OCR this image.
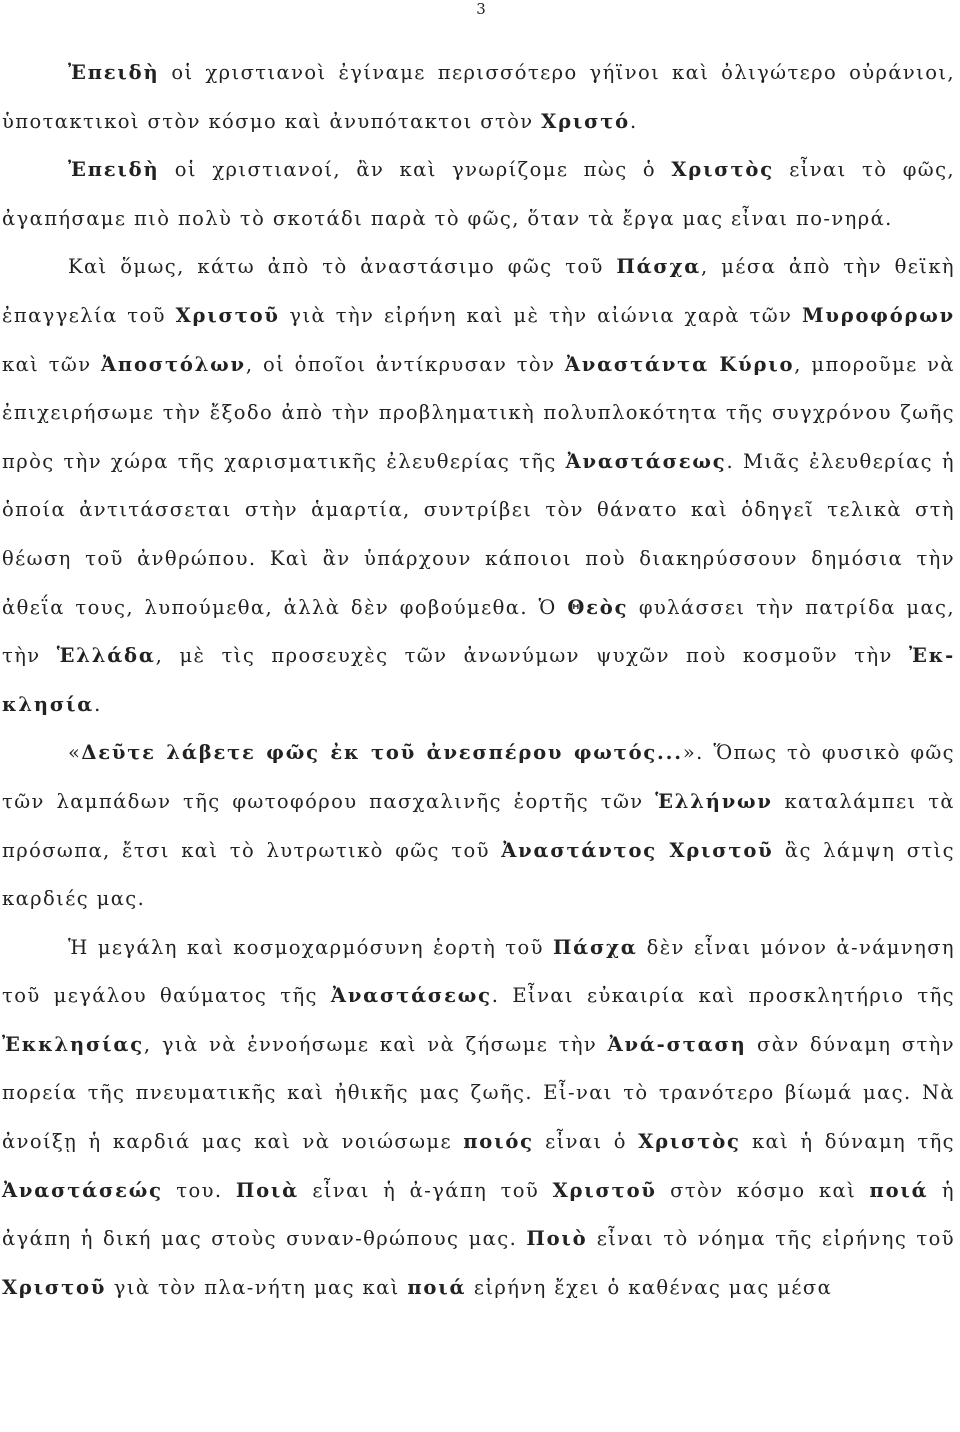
3

Ἐπειδὴ οἱ χριστιανοὶ ἐγίναμε περισσότερο γήϊνοι καὶ ὀλιγώτερο οὐράνιοι, ὑποτακτικοὶ στὸν κόσμο καὶ ἀνυπότακτοι στὸν Χριστό.

Ἐπειδὴ οἱ χριστιανοί, ἂν καὶ γνωρίζομε πὼς ὁ Χριστὸς εἶναι τὸ φῶς, ἀγαπήσαμε πιὸ πολὺ τὸ σκοτάδι παρὰ τὸ φῶς, ὅταν τὰ ἔργα μας εἶναι πο-νηρά.

Καὶ ὅμως, κάτω ἀπὸ τὸ ἀναστάσιμο φῶς τοῦ Πάσχα, μέσα ἀπὸ τὴν θεϊκὴ ἐπαγγελία τοῦ Χριστοῦ γιὰ τὴν εἰρήνη καὶ μὲ τὴν αἰώνια χαρὰ τῶν Μυροφόρων καὶ τῶν Ἀποστόλων, οἱ ὁποῖοι ἀντίκρυσαν τὸν Ἀναστάντα Κύριο, μποροῦμε νὰ ἐπιχειρήσωμε τὴν ἔξοδο ἀπὸ τὴν προβληματικὴ πολυπλοκότητα τῆς συγχρόνου ζωῆς πρὸς τὴν χώρα τῆς χαρισματικῆς ἐλευθερίας τῆς Ἀναστάσεως. Μιᾶς ἐλευθερίας ἡ ὁποία ἀντιτάσσεται στὴν ἁμαρτία, συντρίβει τὸν θάνατο καὶ ὁδηγεῖ τελικὰ στὴ θέωση τοῦ ἀνθρώπου. Καὶ ἂν ὑπάρχουν κάποιοι ποὺ διακηρύσσουν δημόσια τὴν ἀθεΐα τους, λυπούμεθα, ἀλλὰ δὲν φοβούμεθα. Ὁ Θεὸς φυλάσσει τὴν πατρίδα μας, τὴν Ἑλλάδα, μὲ τὶς προσευχὲς τῶν ἀνωνύμων ψυχῶν ποὺ κοσμοῦν τὴν Ἐκ-κλησία.

«Δεῦτε λάβετε φῶς ἐκ τοῦ ἀνεσπέρου φωτός...». Ὅπως τὸ φυσικὸ φῶς τῶν λαμπάδων τῆς φωτοφόρου πασχαλινῆς ἑορτῆς τῶν Ἑλλήνων καταλάμπει τὰ πρόσωπα, ἔτσι καὶ τὸ λυτρωτικὸ φῶς τοῦ Ἀναστάντος Χριστοῦ ἂς λάμψη στὶς καρδιές μας.

Ἡ μεγάλη καὶ κοσμοχαρμόσυνη ἑορτὴ τοῦ Πάσχα δὲν εἶναι μόνον ἀ-νάμνηση τοῦ μεγάλου θαύματος τῆς Ἀναστάσεως. Εἶναι εὐκαιρία καὶ προσκλητήριο τῆς Ἐκκλησίας, γιὰ νὰ ἐννοήσωμε καὶ νὰ ζήσωμε τὴν Ἀνά-σταση σὰν δύναμη στὴν πορεία τῆς πνευματικῆς καὶ ἠθικῆς μας ζωῆς. Εἶ-ναι τὸ τρανότερο βίωμά μας. Νὰ ἀνοίξῃ ἡ καρδιά μας καὶ νὰ νοιώσωμε ποιός εἶναι ὁ Χριστὸς καὶ ἡ δύναμη τῆς Ἀναστάσεώς του. Ποιὰ εἶναι ἡ ἀ-γάπη τοῦ Χριστοῦ στὸν κόσμο καὶ ποιά ἡ ἀγάπη ἡ δική μας στοὺς συναν-θρώπους μας. Ποιὸ εἶναι τὸ νόημα τῆς εἰρήνης τοῦ Χριστοῦ γιὰ τὸν πλα-νήτη μας καὶ ποιά εἰρήνη ἔχει ὁ καθένας μας μέσα
